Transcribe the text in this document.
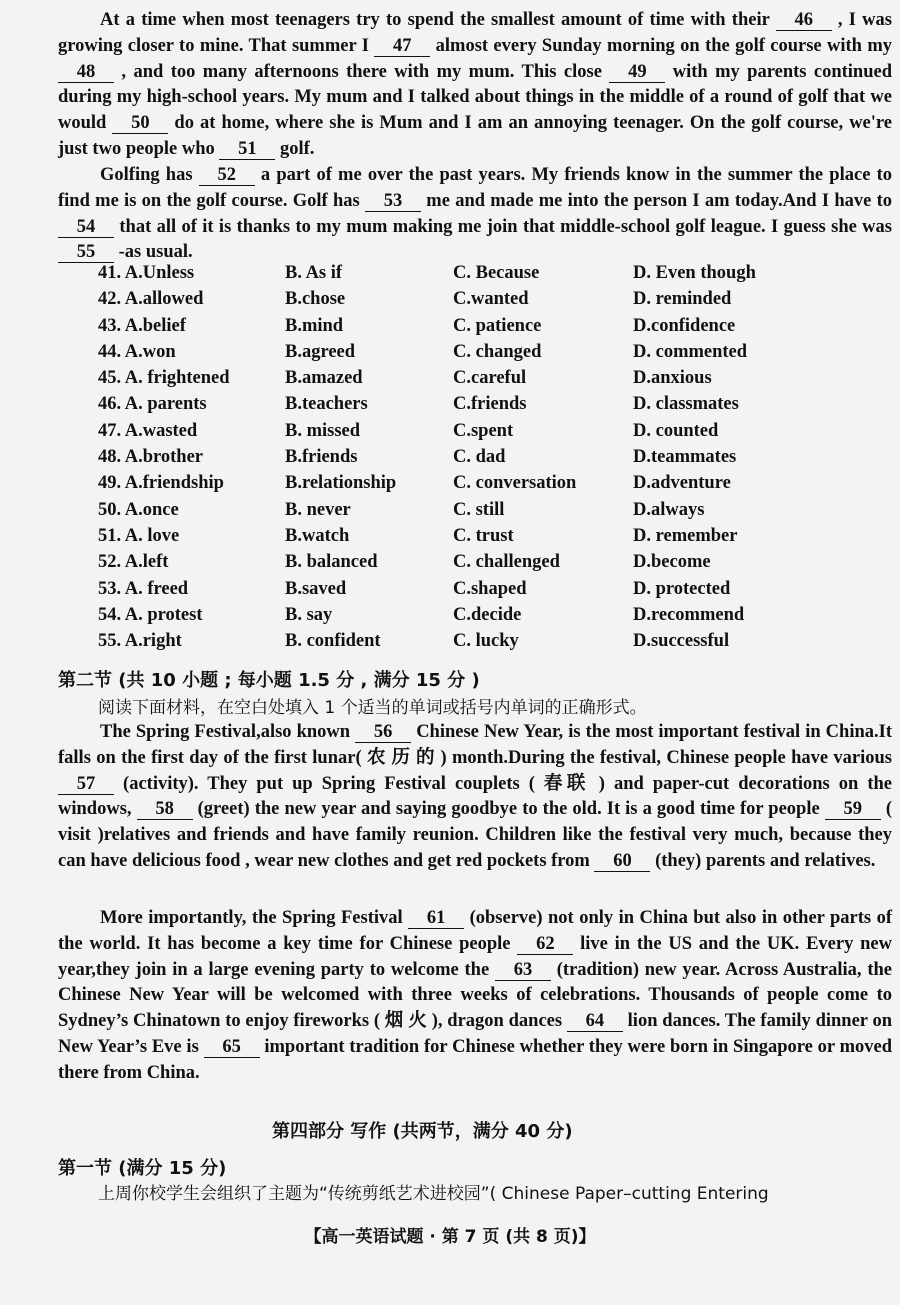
At a time when most teenagers try to spend the smallest amount of time with their 46 , I was growing closer to mine. That summer I 47 almost every Sunday morning on the golf course with my 48 , and too many afternoons there with my mum. This close 49 with my parents continued during my high-school years. My mum and I talked about things in the middle of a round of golf that we would 50 do at home, where she is Mum and I am an annoying teenager. On the golf course, we're just two people who 51 golf.
Golfing has 52 a part of me over the past years. My friends know in the summer the place to find me is on the golf course. Golf has 53 me and made me into the person I am today.And I have to 54 that all of it is thanks to my mum making me join that middle-school golf league. I guess she was 55 -as usual.
41. A.Unless	B. As if	C. Because	D. Even though
42. A.allowed	B.chose	C.wanted	D. reminded
43. A.belief	B.mind	C. patience	D.confidence
44. A.won	B.agreed	C. changed	D. commented
45. A. frightened	B.amazed	C.careful	D.anxious
46. A. parents	B.teachers	C.friends	D. classmates
47. A.wasted	B. missed	C.spent	D. counted
48. A.brother	B.friends	C. dad	D.teammates
49. A.friendship	B.relationship	C. conversation	D.adventure
50. A.once	B. never	C. still	D.always
51. A. love	B.watch	C. trust	D. remember
52. A.left	B. balanced	C. challenged	D.become
53. A. freed	B.saved	C.shaped	D. protected
54. A. protest	B. say	C.decide	D.recommend
55. A.right	B. confident	C. lucky	D.successful
第二节 (共 10 小题 ; 每小题 1.5 分 , 满分 15 分 )
阅读下面材料，在空白处填入 1 个适当的单词或括号内单词的正确形式。
The Spring Festival,also known 56 Chinese New Year, is the most important festival in China.It falls on the first day of the first lunar( 农 历 的 ) month.During the festival, Chinese people have various 57 (activity). They put up Spring Festival couplets ( 春联 ) and paper-cut decorations on the windows, 58 (greet) the new year and saying goodbye to the old. It is a good time for people 59 ( visit )relatives and friends and have family reunion. Children like the festival very much, because they can have delicious food , wear new clothes and get red pockets from 60 (they) parents and relatives.
More importantly, the Spring Festival 61 (observe) not only in China but also in other parts of the world. It has become a key time for Chinese people 62 live in the US and the UK. Every new year,they join in a large evening party to welcome the 63 (tradition) new year. Across Australia, the Chinese New Year will be welcomed with three weeks of celebrations. Thousands of people come to Sydney’s Chinatown to enjoy fireworks ( 烟 火 ), dragon dances 64 lion dances. The family dinner on New Year’s Eve is 65 important tradition for Chinese whether they were born in Singapore or moved there from China.
第四部分 写作 (共两节，满分 40 分)
第一节 (满分 15 分)
上周你校学生会组织了主题为“传统剪纸艺术进校园”( Chinese Paper–cutting Entering
【高一英语试题 · 第 7 页 (共 8 页)】
